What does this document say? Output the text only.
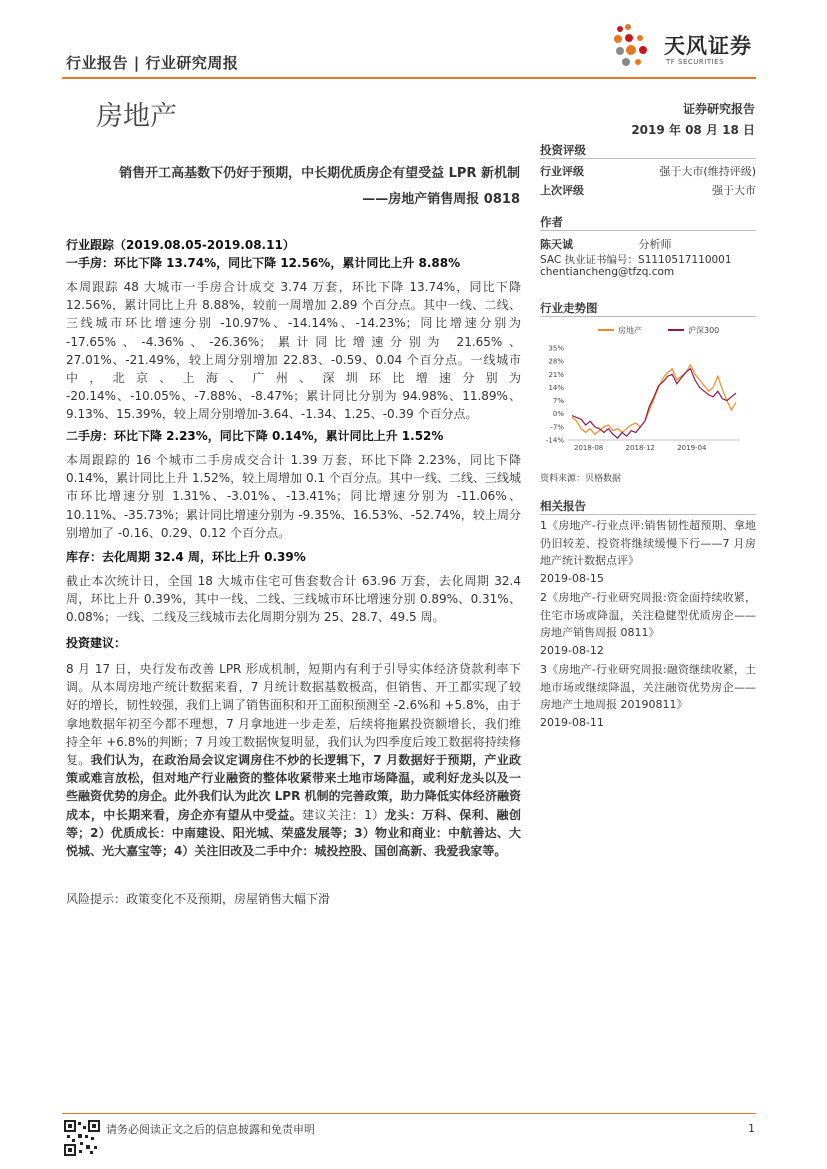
行业报告 | 行业研究周报
天风证券
TF SECURITIES
房地产	证券研究报告
2019 年 08 月 18 日
销售开工高基数下仍好于预期，中长期优质房企有望受益 LPR 新机制
——房地产销售周报 0818
行业跟踪（2019.08.05-2019.08.11）
一手房：环比下降 13.74%，同比下降 12.56%，累计同比上升 8.88%
本周跟踪 48 大城市一手房合计成交 3.74 万套，环比下降 13.74%，同比下降 12.56%，累计同比上升 8.88%，较前一周增加 2.89 个百分点。其中一线、二线、三线城市环比增速分别 -10.97%、-14.14%、-14.23%；同比增速分别为 -17.65%、-4.36%、-26.36%；累计同比增速分别为 21.65%、27.01%、-21.49%，较上周分别增加 22.83、-0.59、0.04 个百分点。一线城市中，北京、上海、广州、深圳环比增速分别为 -20.14%、-10.05%、-7.88%、-8.47%；累计同比分别为 94.98%、11.89%、9.13%、15.39%，较上周分别增加-3.64、-1.34、1.25、-0.39 个百分点。
二手房：环比下降 2.23%，同比下降 0.14%，累计同比上升 1.52%
本周跟踪的 16 个城市二手房成交合计 1.39 万套，环比下降 2.23%，同比下降 0.14%，累计同比上升 1.52%，较上周增加 0.1 个百分点。其中一线、二线、三线城市环比增速分别 1.31%、-3.01%、-13.41%；同比增速分别为 -11.06%、10.11%、-35.73%；累计同比增速分别为 -9.35%、16.53%、-52.74%，较上周分别增加了 -0.16、0.29、0.12 个百分点。
库存：去化周期 32.4 周，环比上升 0.39%
截止本次统计日，全国 18 大城市住宅可售套数合计 63.96 万套，去化周期 32.4 周，环比上升 0.39%，其中一线、二线、三线城市环比增速分别 0.89%、0.31%、0.08%；一线、二线及三线城市去化周期分别为 25、28.7、49.5 周。
投资建议：
8 月 17 日，央行发布改善 LPR 形成机制，短期内有利于引导实体经济贷款利率下调。从本周房地产统计数据来看，7 月统计数据基数极高，但销售、开工都实现了较好的增长，韧性较强，我们上调了销售面积和开工面积预测至 -2.6%和 +5.8%，由于拿地数据年初至今都不理想，7 月拿地进一步走差，后续将拖累投资额增长，我们维持全年 +6.8%的判断；7 月竣工数据恢复明显，我们认为四季度后竣工数据将持续修复。我们认为，在政治局会议定调房住不炒的长逻辑下，7 月数据好于预期，产业政策或难言放松，但对地产行业融资的整体收紧带来土地市场降温，或利好龙头以及一些融资优势的房企。此外我们认为此次 LPR 机制的完善政策，助力降低实体经济融资成本，中长期来看，房企亦有望从中受益。建议关注：1）龙头：万科、保利、融创等；2）优质成长：中南建设、阳光城、荣盛发展等；3）物业和商业：中航善达、大悦城、光大嘉宝等；4）关注旧改及二手中介：城投控股、国创高新、我爱我家等。
风险提示：政策变化不及预期，房屋销售大幅下滑
投资评级
行业评级	强于大市(维持评级)
上次评级	强于大市
作者
陈天诚	分析师
SAC 执业证书编号：S1110517110001
chentiancheng@tfzq.com
行业走势图
房地产	沪深300
35%
28%
21%
14%
7%
0%
-7%
-14%
2018-08	2018-12	2019-04
资料来源：贝格数据
相关报告
1《房地产-行业点评:销售韧性超预期、拿地仍旧较差、投资将继续缓慢下行——7 月房地产统计数据点评》
2019-08-15
2《房地产-行业研究周报:资金面持续收紧，住宅市场或降温，关注稳健型优质房企——房地产销售周报 0811》
2019-08-12
3《房地产-行业研究周报:融资继续收紧，土地市场或继续降温，关注融资优势房企——房地产土地周报 20190811》
2019-08-11
请务必阅读正文之后的信息披露和免责申明	1
